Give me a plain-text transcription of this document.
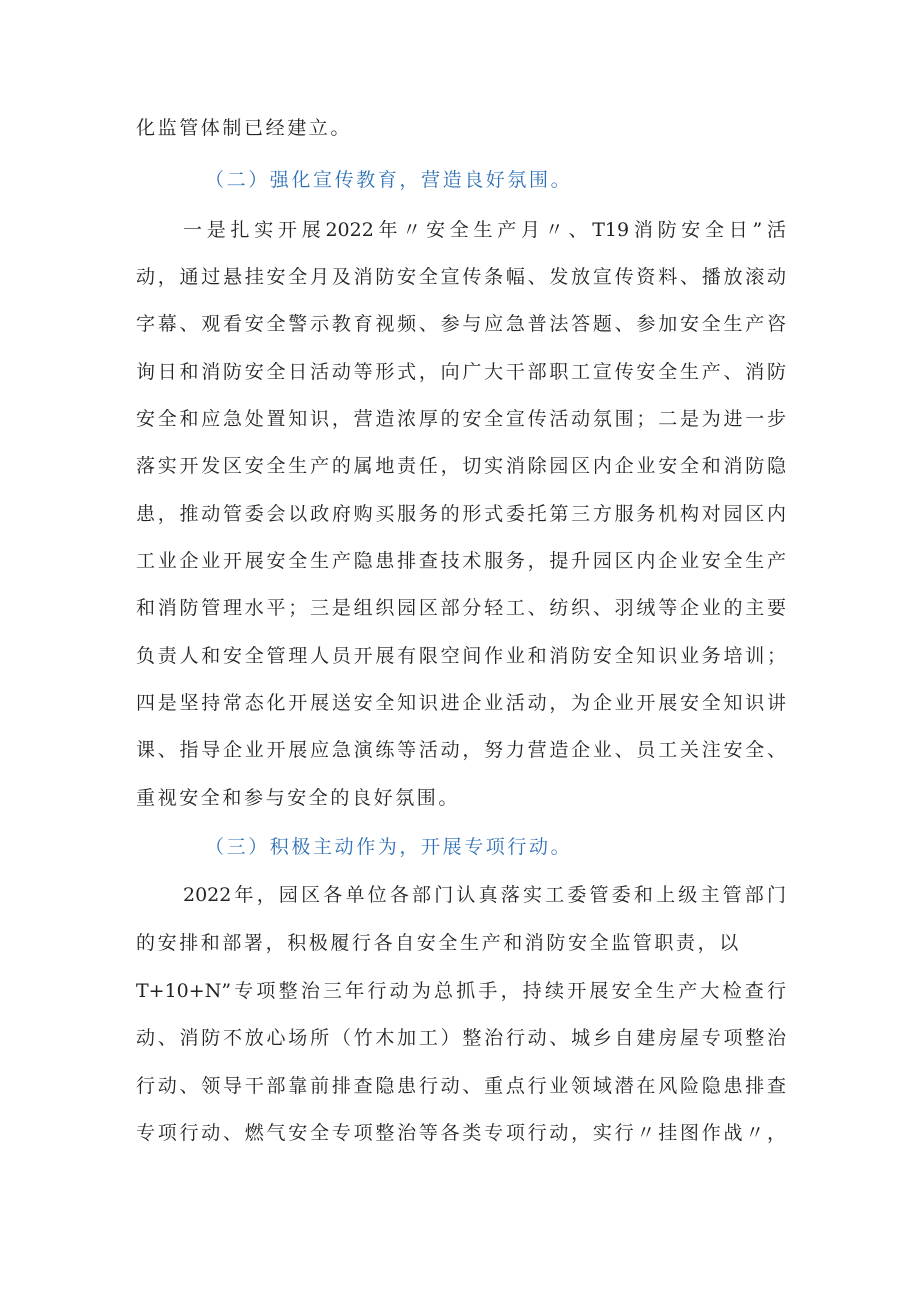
化监管体制已经建立。
（二）强化宣传教育，营造良好氛围。
一是扎实开展2022年〃安全生产月〃、T19消防安全日”活
动，通过悬挂安全月及消防安全宣传条幅、发放宣传资料、播放滚动
字幕、观看安全警示教育视频、参与应急普法答题、参加安全生产咨
询日和消防安全日活动等形式，向广大干部职工宣传安全生产、消防
安全和应急处置知识，营造浓厚的安全宣传活动氛围；二是为进一步
落实开发区安全生产的属地责任，切实消除园区内企业安全和消防隐
患，推动管委会以政府购买服务的形式委托第三方服务机构对园区内
工业企业开展安全生产隐患排查技术服务，提升园区内企业安全生产
和消防管理水平；三是组织园区部分轻工、纺织、羽绒等企业的主要
负责人和安全管理人员开展有限空间作业和消防安全知识业务培训；
四是坚持常态化开展送安全知识进企业活动，为企业开展安全知识讲
课、指导企业开展应急演练等活动，努力营造企业、员工关注安全、
重视安全和参与安全的良好氛围。
（三）积极主动作为，开展专项行动。
2022年，园区各单位各部门认真落实工委管委和上级主管部门
的安排和部署，积极履行各自安全生产和消防安全监管职责，以
T+10+N”专项整治三年行动为总抓手，持续开展安全生产大检查行
动、消防不放心场所（竹木加工）整治行动、城乡自建房屋专项整治
行动、领导干部靠前排查隐患行动、重点行业领域潜在风险隐患排查
专项行动、燃气安全专项整治等各类专项行动，实行〃挂图作战〃，
